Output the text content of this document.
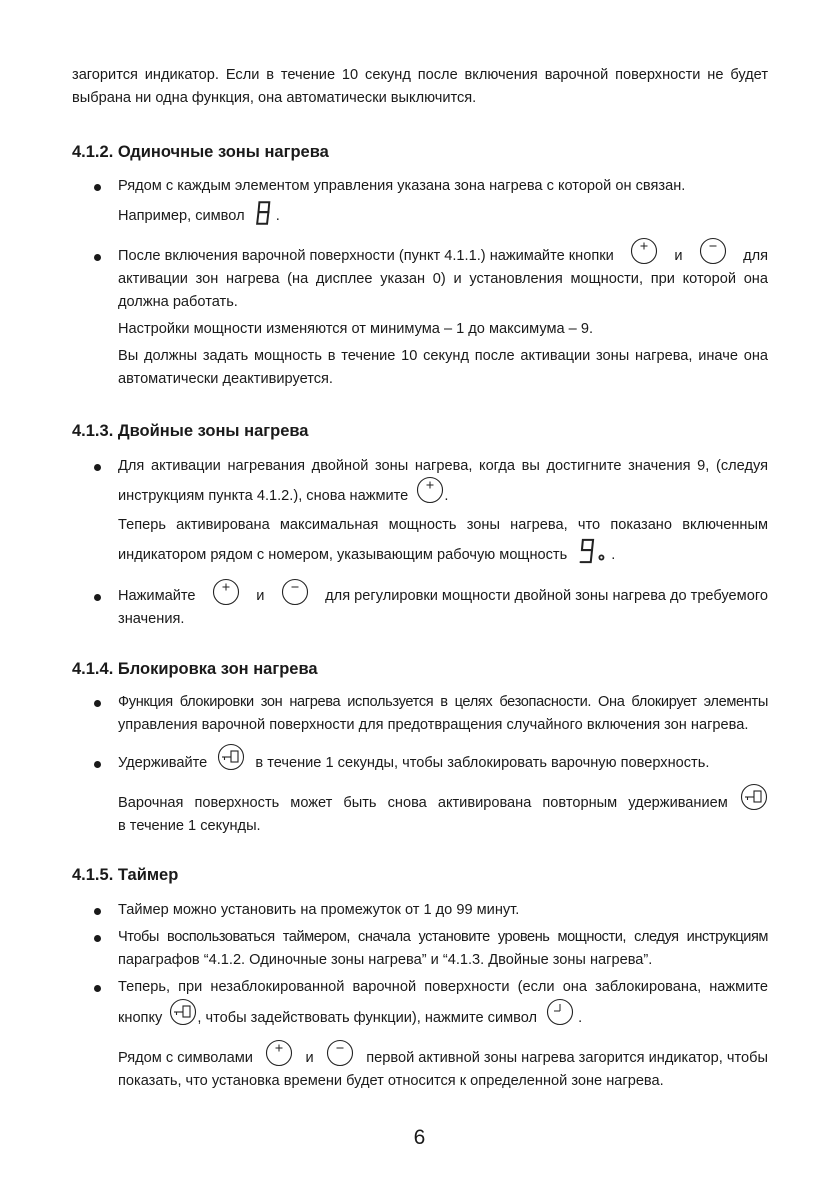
загорится индикатор. Если в течение 10 секунд после включения варочной поверхности не будет
выбрана ни одна функция, она автоматически выключится.
4.1.2. Одиночные зоны нагрева
Рядом с каждым элементом управления указана зона нагрева с которой он связан.
Например, символ
.
После включения варочной поверхности (пункт 4.1.1.) нажимайте кнопки	и	для
активации зон нагрева (на дисплее указан 0) и установления мощности, при которой она
должна работать.
Настройки мощности изменяются от минимума – 1 до максимума – 9.
Вы должны задать мощность в течение 10 секунд после активации зоны нагрева, иначе она
автоматически деактивируется.
4.1.3. Двойные зоны нагрева
Для активации нагревания двойной зоны нагрева, когда вы достигните значения 9, (следуя
инструкциям пункта 4.1.2.), снова нажмите .
Теперь активирована максимальная мощность зоны нагрева, что показано включенным
индикатором рядом с номером, указывающим рабочую мощность	.
Нажимайте	и	для регулировки мощности двойной зоны нагрева до требуемого
значения.
4.1.4. Блокировка зон нагрева
Функция блокировки зон нагрева используется в целях безопасности. Она блокирует элементы
управления варочной поверхности для предотвращения случайного включения зон нагрева.
Удерживайте	в течение 1 секунды, чтобы заблокировать варочную поверхность.
Варочная поверхность может быть снова активирована повторным удерживанием
в течение 1 секунды.
4.1.5. Таймер
Таймер можно установить на промежуток от 1 до 99 минут.
Чтобы воспользоваться таймером, сначала установите уровень мощности, следуя инструкциям
параграфов “4.1.2. Одиночные зоны нагрева” и “4.1.3. Двойные зоны нагрева”.
Теперь, при незаблокированной варочной поверхности (если она заблокирована, нажмите
кнопку , чтобы задействовать функции), нажмите символ	.
Рядом с символами	и	первой активной зоны нагрева загорится индикатор, чтобы
показать, что установка времени будет относится к определенной зоне нагрева.
6
